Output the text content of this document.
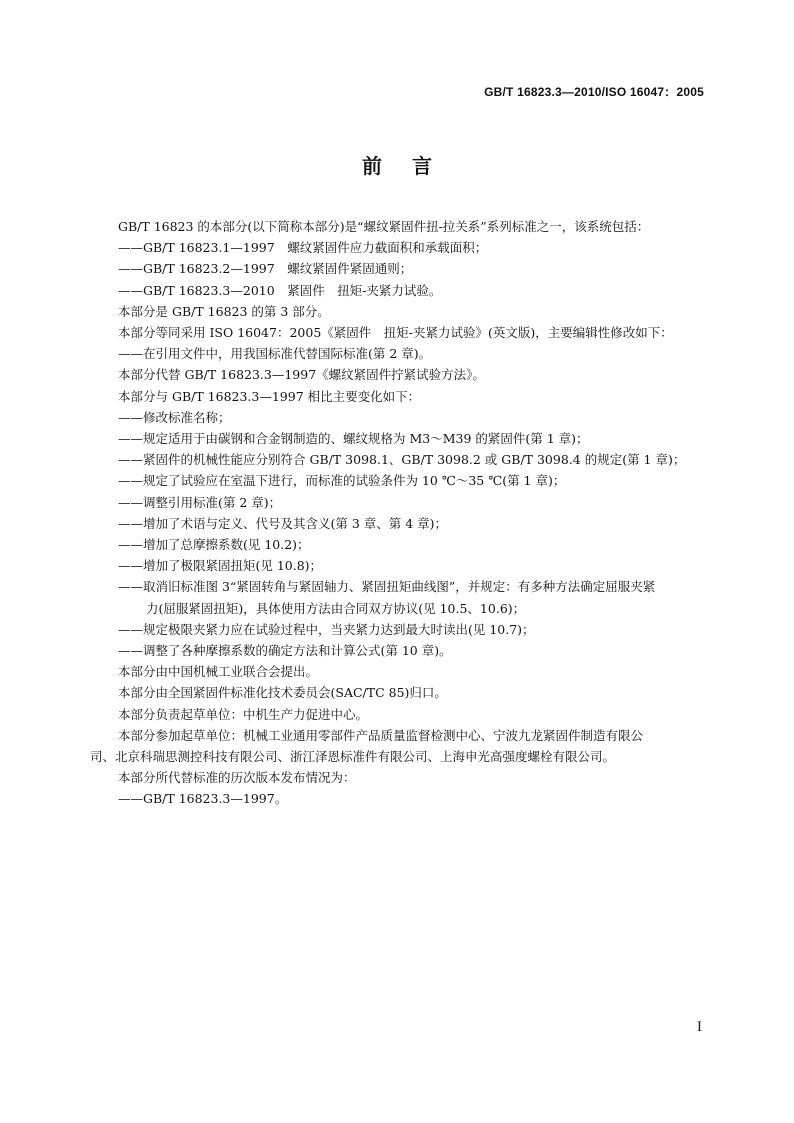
GB/T 16823.3—2010/ISO 16047：2005
前言

GB/T 16823 的本部分(以下简称本部分)是“螺纹紧固件扭-拉关系”系列标准之一，该系统包括：

——GB/T 16823.1—1997　螺纹紧固件应力截面积和承载面积；

——GB/T 16823.2—1997　螺纹紧固件紧固通则；

——GB/T 16823.3—2010　紧固件　扭矩-夹紧力试验。

本部分是 GB/T 16823 的第 3 部分。

本部分等同采用 ISO 16047：2005《紧固件　扭矩-夹紧力试验》(英文版)，主要编辑性修改如下：

——在引用文件中，用我国标准代替国际标准(第 2 章)。

本部分代替 GB/T 16823.3—1997《螺纹紧固件拧紧试验方法》。

本部分与 GB/T 16823.3—1997 相比主要变化如下：

——修改标准名称；

——规定适用于由碳钢和合金钢制造的、螺纹规格为 M3～M39 的紧固件(第 1 章)；

——紧固件的机械性能应分别符合 GB/T 3098.1、GB/T 3098.2 或 GB/T 3098.4 的规定(第 1 章)；

——规定了试验应在室温下进行，而标准的试验条件为 10 ℃～35 ℃(第 1 章)；

——调整引用标准(第 2 章)；

——增加了术语与定义、代号及其含义(第 3 章、第 4 章)；

——增加了总摩擦系数(见 10.2)；

——增加了极限紧固扭矩(见 10.8)；

——取消旧标准图 3“紧固转角与紧固轴力、紧固扭矩曲线图”，并规定：有多种方法确定屈服夹紧

力(屈服紧固扭矩)，具体使用方法由合同双方协议(见 10.5、10.6)；

——规定极限夹紧力应在试验过程中，当夹紧力达到最大时读出(见 10.7)；

——调整了各种摩擦系数的确定方法和计算公式(第 10 章)。

本部分由中国机械工业联合会提出。

本部分由全国紧固件标准化技术委员会(SAC/TC 85)归口。

本部分负责起草单位：中机生产力促进中心。

本部分参加起草单位：机械工业通用零部件产品质量监督检测中心、宁波九龙紧固件制造有限公

司、北京科瑞思测控科技有限公司、浙江泽恩标准件有限公司、上海申光高强度螺栓有限公司。

本部分所代替标准的历次版本发布情况为：

——GB/T 16823.3—1997。

I
